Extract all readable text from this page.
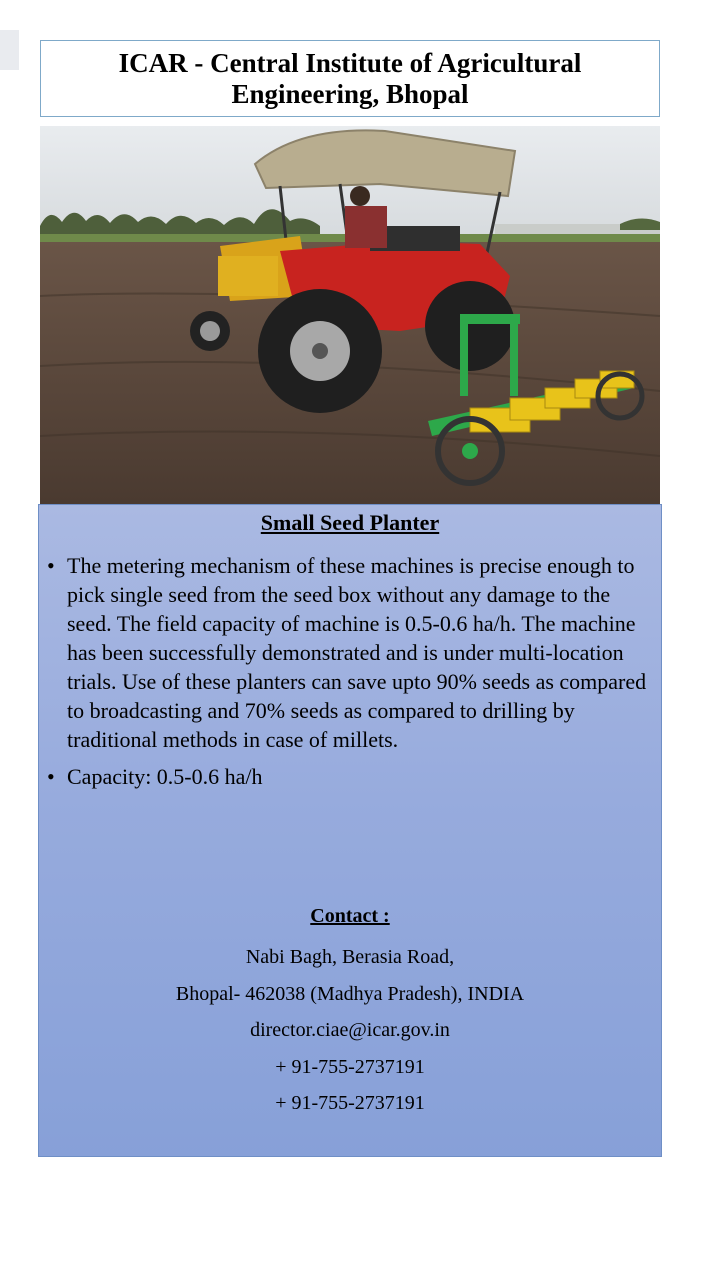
ICAR - Central Institute of Agricultural Engineering, Bhopal
Small Seed Planter
• The metering mechanism of these machines is precise enough to pick single seed from the seed box without any damage to the seed. The field capacity of machine is 0.5-0.6 ha/h. The machine has been successfully demonstrated and is under multi-location trials. Use of these planters can save upto 90% seeds as compared to broadcasting and 70% seeds as compared to drilling by traditional methods in case of millets.
• Capacity: 0.5-0.6 ha/h
Contact :

Nabi Bagh, Berasia Road,

Bhopal- 462038 (Madhya Pradesh), INDIA

director.ciae@icar.gov.in

+ 91-755-2737191

+ 91-755-2737191
